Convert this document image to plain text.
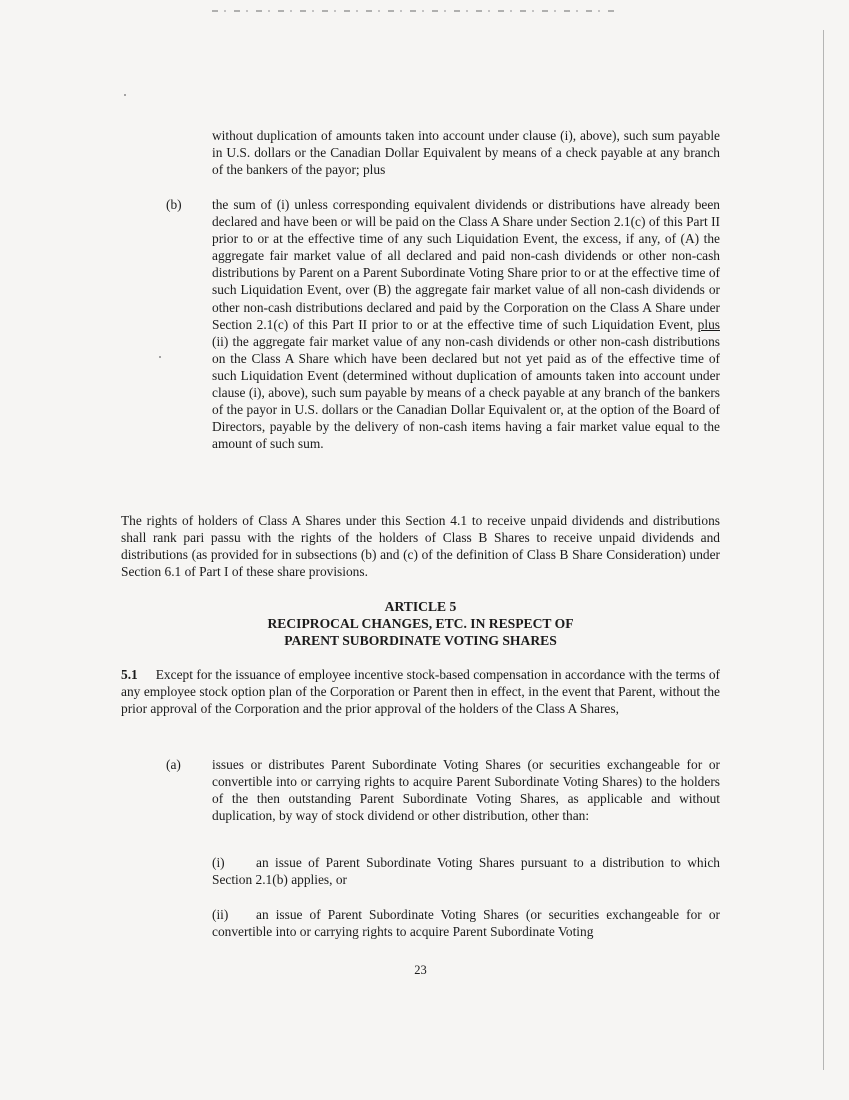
without duplication of amounts taken into account under clause (i), above), such sum payable in U.S. dollars or the Canadian Dollar Equivalent by means of a check payable at any branch of the bankers of the payor; plus

(b)	the sum of (i) unless corresponding equivalent dividends or distributions have already been declared and have been or will be paid on the Class A Share under Section 2.1(c) of this Part II prior to or at the effective time of any such Liquidation Event, the excess, if any, of (A) the aggregate fair market value of all declared and paid non-cash dividends or other non-cash distributions by Parent on a Parent Subordinate Voting Share prior to or at the effective time of such Liquidation Event, over (B) the aggregate fair market value of all non-cash dividends or other non-cash distributions declared and paid by the Corporation on the Class A Share under Section 2.1(c) of this Part II prior to or at the effective time of such Liquidation Event, plus (ii) the aggregate fair market value of any non-cash dividends or other non-cash distributions on the Class A Share which have been declared but not yet paid as of the effective time of such Liquidation Event (determined without duplication of amounts taken into account under clause (i), above), such sum payable by means of a check payable at any branch of the bankers of the payor in U.S. dollars or the Canadian Dollar Equivalent or, at the option of the Board of Directors, payable by the delivery of non-cash items having a fair market value equal to the amount of such sum.

The rights of holders of Class A Shares under this Section 4.1 to receive unpaid dividends and distributions shall rank pari passu with the rights of the holders of Class B Shares to receive unpaid dividends and distributions (as provided for in subsections (b) and (c) of the definition of Class B Share Consideration) under Section 6.1 of Part I of these share provisions.

ARTICLE 5

RECIPROCAL CHANGES, ETC. IN RESPECT OF

PARENT SUBORDINATE VOTING SHARES

5.1 Except for the issuance of employee incentive stock-based compensation in accordance with the terms of any employee stock option plan of the Corporation or Parent then in effect, in the event that Parent, without the prior approval of the Corporation and the prior approval of the holders of the Class A Shares,

(a)	issues or distributes Parent Subordinate Voting Shares (or securities exchangeable for or convertible into or carrying rights to acquire Parent Subordinate Voting Shares) to the holders of the then outstanding Parent Subordinate Voting Shares, as applicable and without duplication, by way of stock dividend or other distribution, other than:

(i) an issue of Parent Subordinate Voting Shares pursuant to a distribution to which Section 2.1(b) applies, or

(ii) an issue of Parent Subordinate Voting Shares (or securities exchangeable for or convertible into or carrying rights to acquire Parent Subordinate Voting

23
